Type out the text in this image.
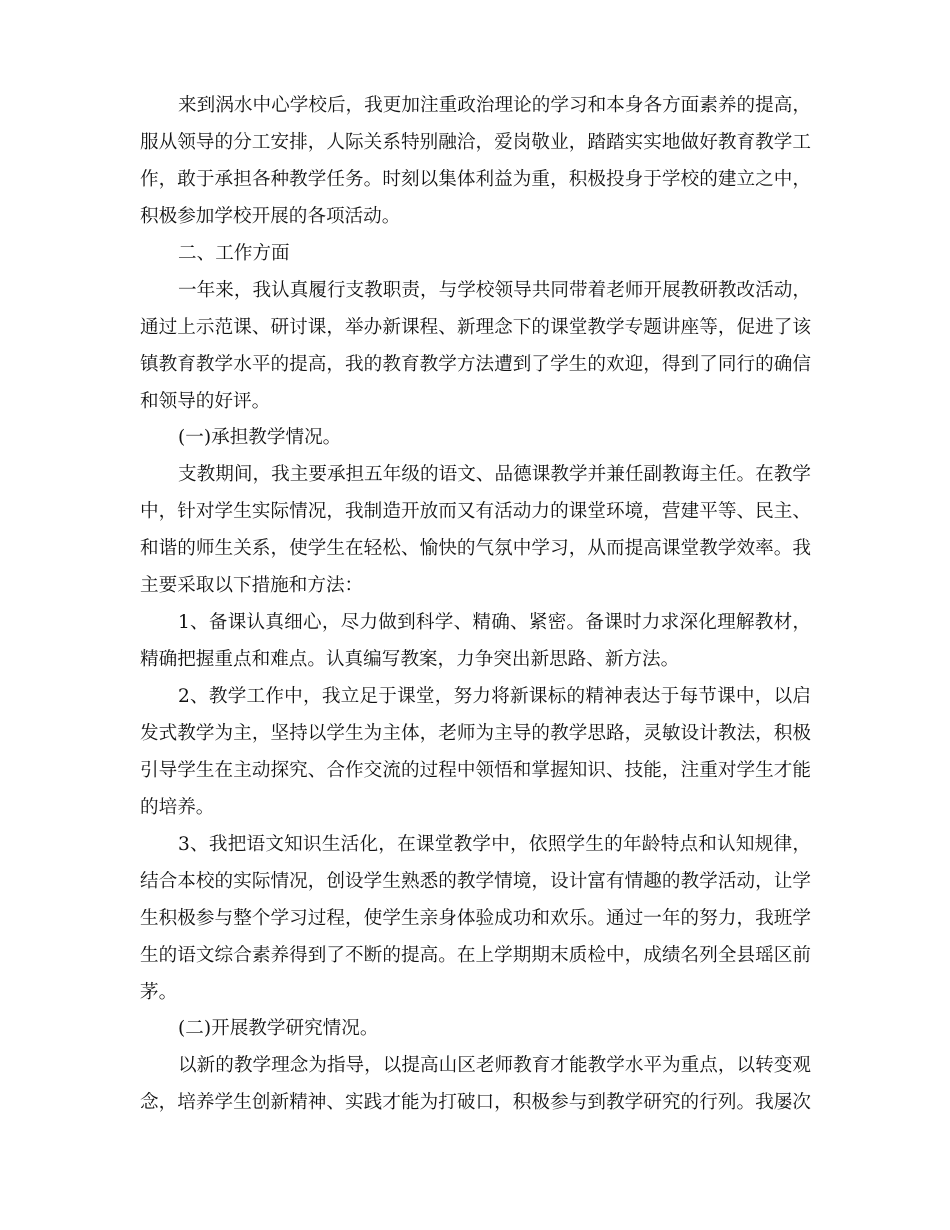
来到涡水中心学校后，我更加注重政治理论的学习和本身各方面素养的提高，
服从领导的分工安排，人际关系特别融洽，爱岗敬业，踏踏实实地做好教育教学工
作，敢于承担各种教学任务。时刻以集体利益为重，积极投身于学校的建立之中，
积极参加学校开展的各项活动。
二、工作方面
一年来，我认真履行支教职责，与学校领导共同带着老师开展教研教改活动，
通过上示范课、研讨课，举办新课程、新理念下的课堂教学专题讲座等，促进了该
镇教育教学水平的提高，我的教育教学方法遭到了学生的欢迎，得到了同行的确信
和领导的好评。
(一)承担教学情况。
支教期间，我主要承担五年级的语文、品德课教学并兼任副教诲主任。在教学
中，针对学生实际情况，我制造开放而又有活动力的课堂环境，营建平等、民主、
和谐的师生关系，使学生在轻松、愉快的气氛中学习，从而提高课堂教学效率。我
主要采取以下措施和方法：
1、备课认真细心，尽力做到科学、精确、紧密。备课时力求深化理解教材，
精确把握重点和难点。认真编写教案，力争突出新思路、新方法。
2、教学工作中，我立足于课堂，努力将新课标的精神表达于每节课中，以启
发式教学为主，坚持以学生为主体，老师为主导的教学思路，灵敏设计教法，积极
引导学生在主动探究、合作交流的过程中领悟和掌握知识、技能，注重对学生才能
的培养。
3、我把语文知识生活化，在课堂教学中，依照学生的年龄特点和认知规律，
结合本校的实际情况，创设学生熟悉的教学情境，设计富有情趣的教学活动，让学
生积极参与整个学习过程，使学生亲身体验成功和欢乐。通过一年的努力，我班学
生的语文综合素养得到了不断的提高。在上学期期末质检中，成绩名列全县瑶区前
茅。
(二)开展教学研究情况。
以新的教学理念为指导，以提高山区老师教育才能教学水平为重点，以转变观
念，培养学生创新精神、实践才能为打破口，积极参与到教学研究的行列。我屡次
